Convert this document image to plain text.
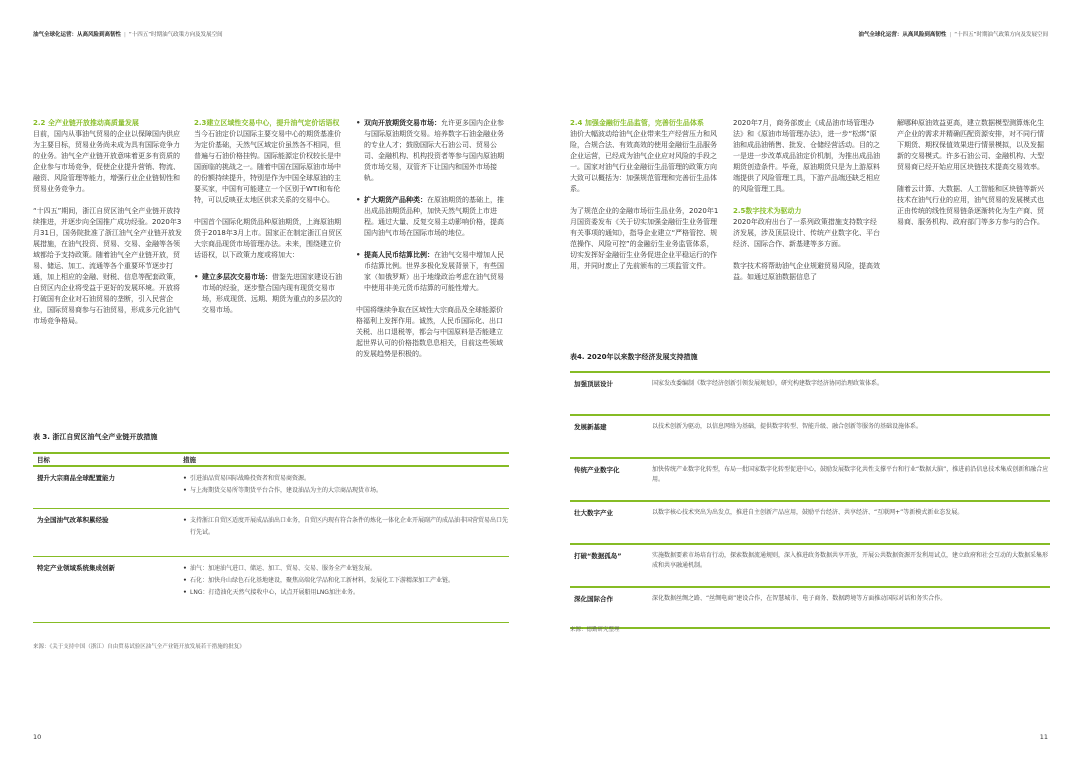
油气全球化运营：从高风险到高韧性 | “十四五”时期油气政策方向及发展空间
2.2 全产业链开放推动高质量发展

目前，国内从事油气贸易的企业以保障国内供应为主要目标，贸易业务尚未成为具有国际竞争力的业务。油气全产业链开放意味着更多有资质的企业参与市场竞争，促使企业提升营销、物流、融资、风险管理等能力，增强行业企业链韧性和贸易业务竞争力。

“十四五”期间，浙江自贸区油气全产业链开放持续推进，并逐步向全国推广成功经验。2020年3月31日，国务院批准了浙江油气全产业链开放发展措施，在油气投资、贸易、交易、金融等各领域都给予支持政策。随着油气全产业链开放，贸易、储运、加工、流通等各个重要环节逐步打通，加上相应的金融、财税、信息等配套政策，自贸区内企业将受益于更好的发展环境。开放将打破国有企业对石油贸易的垄断，引入民营企业，国际贸易商参与石油贸易，形成多元化油气市场竞争格局。

2.3建立区域性交易中心，提升油气定价话语权

当今石油定价以国际主要交易中心的期货基准价为定价基础，天然气区域定价虽然各不相同，但普遍与石油价格挂钩。国际能源定价权较长是中国面临的挑战之一。随着中国在国际原油市场中的份额持续提升，特别是作为中国全球原油的主要买家，中国有可能建立一个区别于WTI和布伦特，可以反映亚太地区供求关系的交易中心。

中国首个国际化期货品种原油期货，上海原油期货于2018年3月上市。国家正在制定浙江自贸区大宗商品现货市场管理办法。未来，围绕建立价话语权，以下政策力度或将加大：

• 建立多层次交易市场：借鉴先进国家建设石油市场的经验，逐步整合国内现有现货交易市场，形成现货、远期、期货为重点的多层次的交易市场。
• 双向开放期货交易市场：允许更多国内企业参与国际原油期货交易。培养数字石油金融业务的专业人才；鼓励国际大石油公司、贸易公司、金融机构、机构投资者等参与国内原油期货市场交易，双管齐下让国内和国外市场接轨。
• 扩大期货产品种类：在原油期货的基础上，推出成品油期货品种，加快天然气期货上市进程。通过大量、反复交易主动影响价格，提高国内油气市场在国际市场的地位。
• 提高人民币结算比例：在油气交易中增加人民币结算比例。世界多极化发展背景下，有些国家（如俄罗斯）出于地缘政治考虑在油气贸易中使用非美元货币结算的可能性增大。

中国将继续争取在区域性大宗商品及全球能源价格福利上发挥作用。诚然，人民币国际化、出口关税、出口退税等，都会与中国原料是否能建立起世界认可的价格指数息息相关，目前这些领域的发展趋势是积极的。

表 3. 浙江自贸区油气全产业链开放措施
目标	措施
提升大宗商品全球配置能力	• 引进油品贸易国际战略投资者和贸易商资源。
• 与上海期货交易所等期货平台合作，建设油品为主的大宗商品现货市场。
为全国油气改革积累经验	• 支持浙江自贸区适度开展成品油出口业务，自贸区内现有符合条件的炼化一体化企业开展副产的成品油非国营贸易出口先行先试。
特定产业领域系统集成创新	• 油气：加速油气进口、储运、加工、贸易、交易、服务全产业链发展。
• 石化：加快舟山绿色石化基地建设，聚焦高端化学品和化工新材料，发展化工下游精深加工产业链。
• LNG：打造油化天然气接收中心，试点开展船用LNG加注业务。
来源：《关于支持中国（浙江）自由贸易试验区油气全产业链开放发展若干措施的批复》
10
油气全球化运营：从高风险到高韧性 | “十四五”时期油气政策方向及发展空间
11
2.4 加强金融衍生品监管，完善衍生品体系

油价大幅波动给油气企业带来生产经营压力和风险，合规合法、有效高效的使用金融衍生品服务企业运营，已经成为油气企业应对风险的手段之一。国家对油气行业金融衍生品管理的政策方向大致可以概括为：加强规范管理和完善衍生品体系。

为了规范企业的金融市场衍生品业务，2020年1月国资委发布《关于切实加强金融衍生业务管理有关事项的通知》，指导企业建立“严格管控、规范操作、风险可控”的金融衍生业务监管体系，切实发挥好金融衍生业务促进企业平稳运行的作用，并同时废止了先前颁布的三项监管文件。

2020年7月，商务部废止《成品油市场管理办法》和《原油市场管理办法》，进一步“松绑”原油和成品油销售、批发、仓储经营活动。目的之一是进一步改革成品油定价机制，为推出成品油期货创造条件。毕竟，原油期货只是为上游原料端提供了风险管理工具，下游产品端还缺乏相应的风险管理工具。

2.5数字技术为驱动力

2020年政府出台了一系列政策措施支持数字经济发展，涉及顶层设计、传统产业数字化、平台经济、国际合作、新基建等多方面。

数字技术将帮助油气企业规避贸易风险，提高效益。如通过原油数据信息了

解哪种原油效益更高，建立数据模型测算炼化生产企业的需求并精确匹配资源安排，对不同行情下期货、期权保值效果进行情景模拟，以及发掘新的交易模式。许多石油公司、金融机构、大型贸易商已经开始应用区块链技术提高交易效率。

随着云计算、大数据、人工智能和区块链等新兴技术在油气行业的应用，油气贸易的发展模式也正由传统的线性贸易链条逐渐转化为生产商、贸易商、服务机构、政府部门等多方参与的合作。

表4. 2020年以来数字经济发展支持措施
加强顶层设计	国家发改委编制《数字经济创新引领发展规划》，研究构建数字经济协同治理政策体系。
发展新基建	以技术创新为驱动，以信息网络为基础，提供数字转型、智能升级、融合创新等服务的基础设施体系。
传统产业数字化	加快传统产业数字化转型，布局一批国家数字化转型促进中心，鼓励发展数字化共性支撑平台和行业“数据大脑”，推进前沿信息技术集成创新和融合应用。
壮大数字产业	以数字核心技术突出为出发点，推进自主创新产品应用，鼓励平台经济、共享经济、“互联网+”等新模式新业态发展。
打破“数据孤岛”	实施数据要素市场培育行动，探索数据流通规则，深入推进政务数据共享开放，开展公共数据资源开发利用试点，建立政府和社会互动的大数据采集形成和共享融通机制。
深化国际合作	深化数据丝绸之路、“丝绸电商”建设合作，在智慧城市、电子商务、数据跨境等方面推动国际对话和务实合作。
来源：德勤研究整理
